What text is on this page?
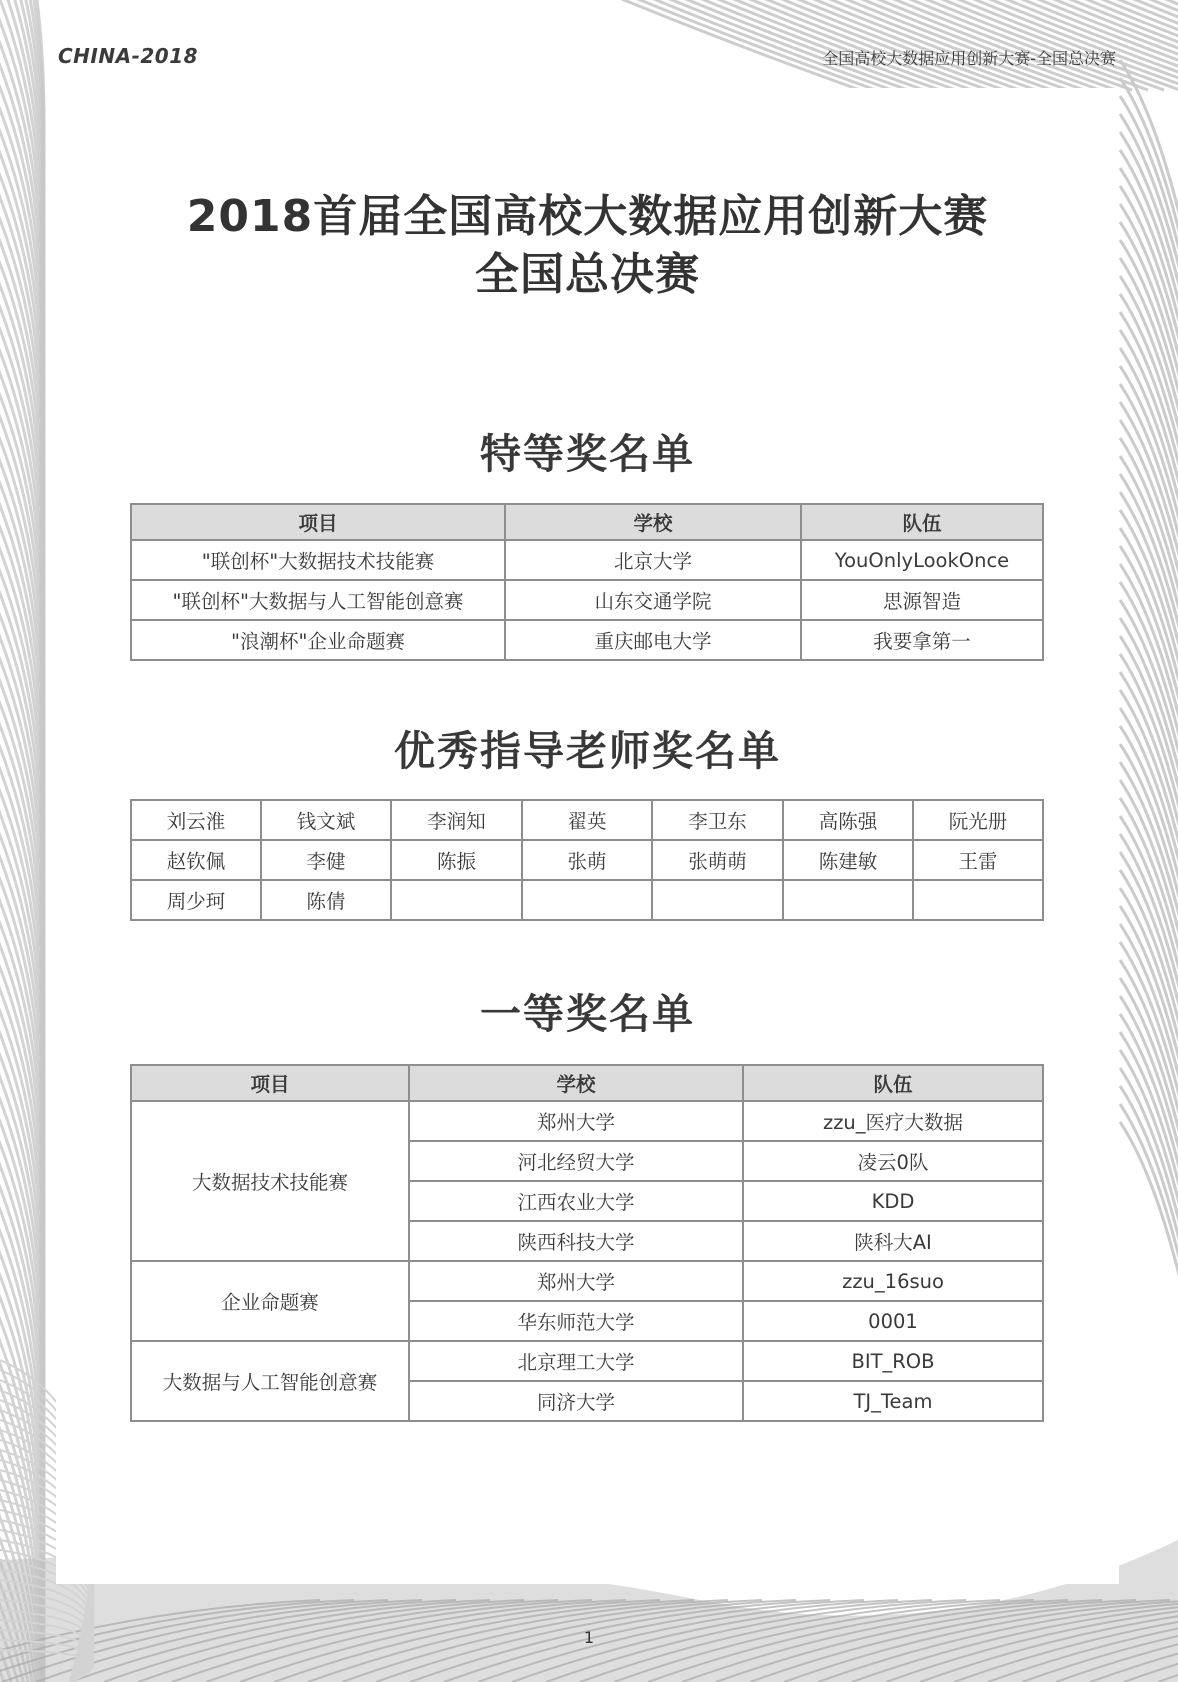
CHINA-2018	全国高校大数据应用创新大赛-全国总决赛
2018首届全国高校大数据应用创新大赛
全国总决赛
特等奖名单
项目	学校	队伍
"联创杯"大数据技术技能赛	北京大学	YouOnlyLookOnce
"联创杯"大数据与人工智能创意赛	山东交通学院	思源智造
"浪潮杯"企业命题赛	重庆邮电大学	我要拿第一
优秀指导老师奖名单
刘云淮	钱文斌	李润知	翟英	李卫东	高陈强	阮光册
赵钦佩	李健	陈振	张萌	张萌萌	陈建敏	王雷
周少珂	陈倩					
一等奖名单
项目	学校	队伍
大数据技术技能赛	郑州大学	zzu_医疗大数据
	河北经贸大学	凌云0队
	江西农业大学	KDD
	陕西科技大学	陕科大AI
企业命题赛	郑州大学	zzu_16suo
	华东师范大学	0001
大数据与人工智能创意赛	北京理工大学	BIT_ROB
	同济大学	TJ_Team
1
